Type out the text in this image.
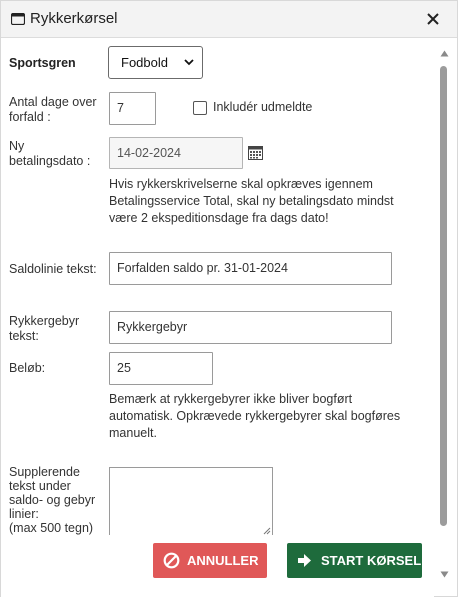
Rykkerkørsel
Sportsgren	Fodbold
Antal dage over
forfald :
7	Inkludér udmeldte
Ny
betalingsdato :
14-02-2024
Hvis rykkerskrivelserne skal opkræves igennem
Betalingsservice Total, skal ny betalingsdato mindst
være 2 ekspeditionsdage fra dags dato!
Saldolinie tekst:	Forfalden saldo pr. 31-01-2024
Rykkergebyr
tekst:
Rykkergebyr
Beløb:	25
Bemærk at rykkergebyrer ikke bliver bogført
automatisk. Opkrævede rykkergebyrer skal bogføres
manuelt.
Supplerende
tekst under
saldo- og gebyr
linier:
(max 500 tegn)
ANNULLER	START KØRSEL
